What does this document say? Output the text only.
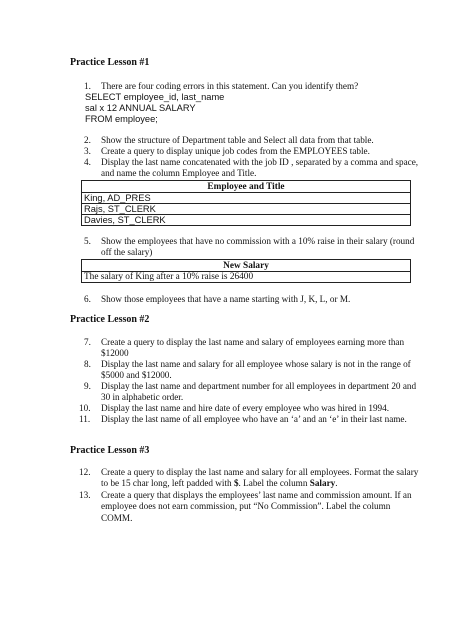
Practice Lesson #1
1. There are four coding errors in this statement. Can you identify them?
SELECT employee_id, last_name
sal x 12 ANNUAL SALARY
FROM employee;
2. Show the structure of Department table and Select all data from that table.
3. Create a query to display unique job codes from the EMPLOYEES table.
4. Display the last name concatenated with the job ID , separated by a comma and space, and name the column Employee and Title.
Employee and Title
King, AD_PRES
Rajs, ST_CLERK
Davies, ST_CLERK
5. Show the employees that have no commission with a 10% raise in their salary (round off the salary)
New Salary
The salary of King after a 10% raise is 26400
6. Show those employees that have a name starting with J, K, L, or M.
Practice Lesson #2
7. Create a query to display the last name and salary of employees earning more than $12000
8. Display the last name and salary for all employee whose salary is not in the range of $5000 and $12000.
9. Display the last name and department number for all employees in department 20 and 30 in alphabetic order.
10. Display the last name and hire date of every employee who was hired in 1994.
11. Display the last name of all employee who have an ‘a’ and an ‘e’ in their last name.
Practice Lesson #3
12. Create a query to display the last name and salary for all employees. Format the salary to be 15 char long, left padded with $. Label the column Salary.
13. Create a query that displays the employees’ last name and commission amount. If an employee does not earn commission, put “No Commission”. Label the column COMM.
